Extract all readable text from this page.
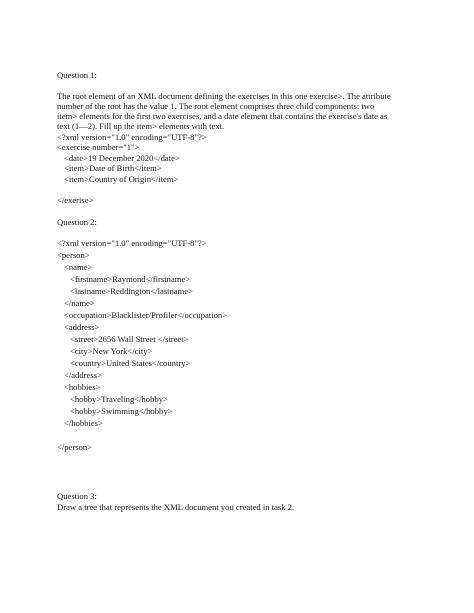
Question 1:

The root element of an XML document defining the exercises in this one exercise>. The attribute

number of the root has the value 1. The root element comprises three child components: two

item> elements for the first two exercises, and a date element that contains the exercise's date as

text (1—2). Fill up the item> elements with text.

<?xml version="1.0" encoding="UTF-8"?>

<exercise number="1">

<date>19 December 2020</date>

<item>Date of Birth</item>

<item>Country of Origin</item>

</exerise>

Question 2:

<?xml version="1.0" encoding="UTF-8"?>

<person>

<name>

<firstname>Raymond</firstname>

<lastname>Reddington</lastname>

</name>

<occupation>Blacklister/Profiler</occupation>

<address>

<street>2656 Wall Street </street>

<city>New York</city>

<country>United States</country>

</address>

<hobbies>

<hobby>Traveling</hobby>

<hobby>Swimming</hobby>

</hobbies>

</person>

Question 3:

Draw a tree that represents the XML document you created in task 2.
